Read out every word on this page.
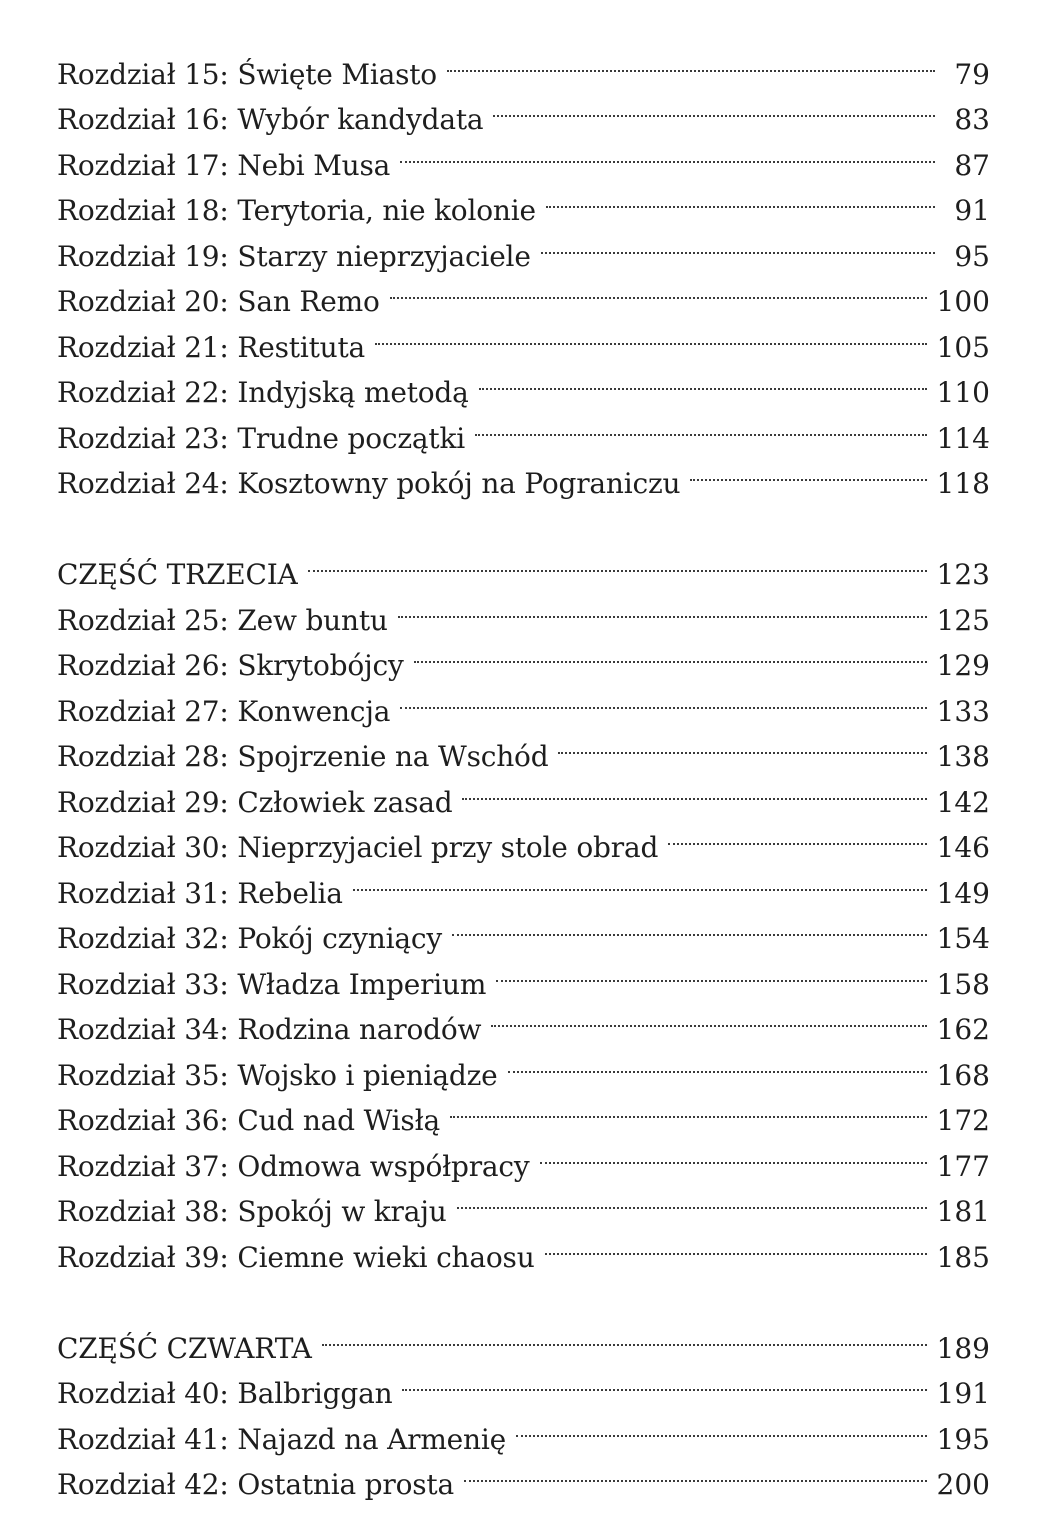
Rozdział 15: Święte Miasto	79
Rozdział 16: Wybór kandydata	83
Rozdział 17: Nebi Musa	87
Rozdział 18: Terytoria, nie kolonie	91
Rozdział 19: Starzy nieprzyjaciele	95
Rozdział 20: San Remo	100
Rozdział 21: Restituta	105
Rozdział 22: Indyjską metodą	110
Rozdział 23: Trudne początki	114
Rozdział 24: Kosztowny pokój na Pograniczu	118
CZĘŚĆ TRZECIA	123
Rozdział 25: Zew buntu	125
Rozdział 26: Skrytobójcy	129
Rozdział 27: Konwencja	133
Rozdział 28: Spojrzenie na Wschód	138
Rozdział 29: Człowiek zasad	142
Rozdział 30: Nieprzyjaciel przy stole obrad	146
Rozdział 31: Rebelia	149
Rozdział 32: Pokój czyniący	154
Rozdział 33: Władza Imperium	158
Rozdział 34: Rodzina narodów	162
Rozdział 35: Wojsko i pieniądze	168
Rozdział 36: Cud nad Wisłą	172
Rozdział 37: Odmowa współpracy	177
Rozdział 38: Spokój w kraju	181
Rozdział 39: Ciemne wieki chaosu	185
CZĘŚĆ CZWARTA	189
Rozdział 40: Balbriggan	191
Rozdział 41: Najazd na Armenię	195
Rozdział 42: Ostatnia prosta	200
